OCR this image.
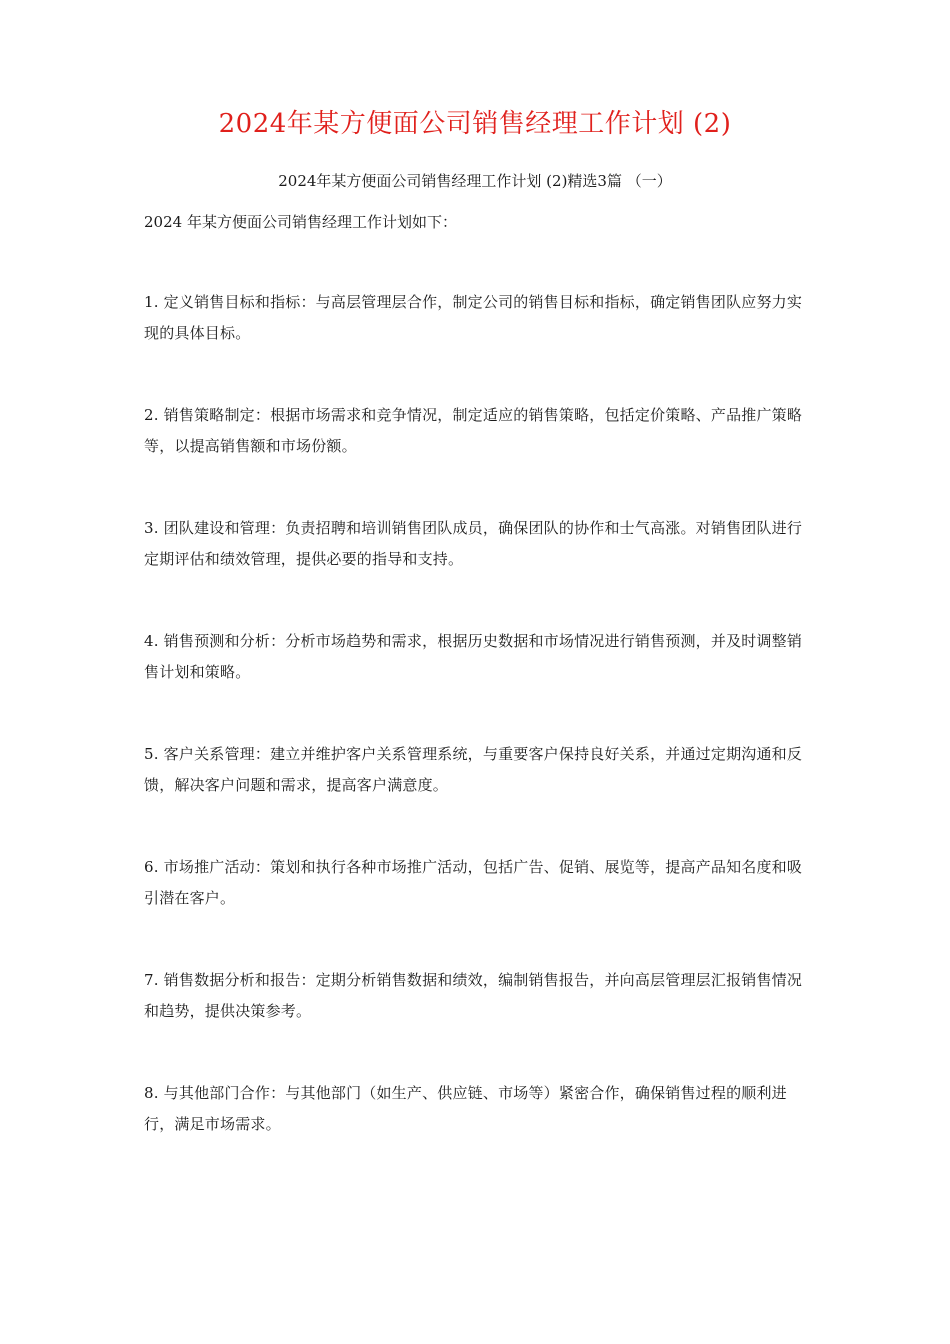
2024年某方便面公司销售经理工作计划 (2)
2024年某方便面公司销售经理工作计划 (2)精选3篇 （一）
2024 年某方便面公司销售经理工作计划如下：
1. 定义销售目标和指标：与高层管理层合作，制定公司的销售目标和指标，确定销售团队应努力实现的具体目标。
2. 销售策略制定：根据市场需求和竞争情况，制定适应的销售策略，包括定价策略、产品推广策略等，以提高销售额和市场份额。
3. 团队建设和管理：负责招聘和培训销售团队成员，确保团队的协作和士气高涨。对销售团队进行定期评估和绩效管理，提供必要的指导和支持。
4. 销售预测和分析：分析市场趋势和需求，根据历史数据和市场情况进行销售预测，并及时调整销售计划和策略。
5. 客户关系管理：建立并维护客户关系管理系统，与重要客户保持良好关系，并通过定期沟通和反馈，解决客户问题和需求，提高客户满意度。
6. 市场推广活动：策划和执行各种市场推广活动，包括广告、促销、展览等，提高产品知名度和吸引潜在客户。
7. 销售数据分析和报告：定期分析销售数据和绩效，编制销售报告，并向高层管理层汇报销售情况和趋势，提供决策参考。
8. 与其他部门合作：与其他部门（如生产、供应链、市场等）紧密合作，确保销售过程的顺利进行，满足市场需求。
